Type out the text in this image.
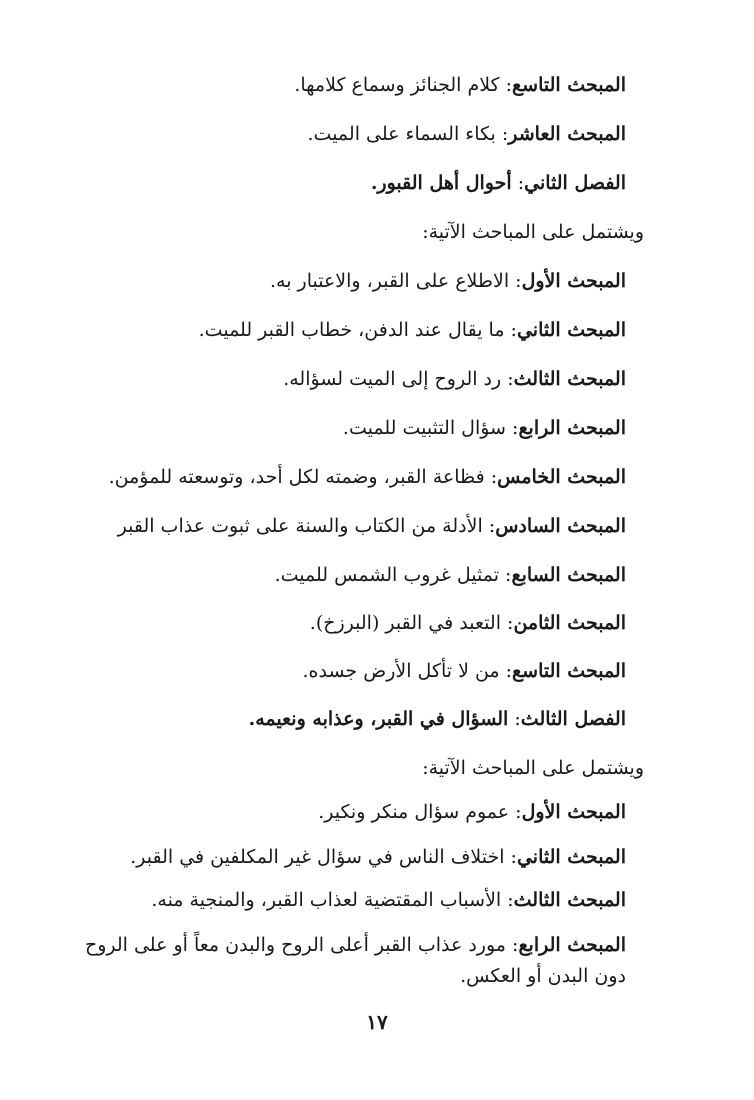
المبحث التاسع: كلام الجنائز وسماع كلامها.
المبحث العاشر: بكاء السماء على الميت.
الفصل الثاني: أحوال أهل القبور.
ويشتمل على المباحث الآتية:
المبحث الأول: الاطلاع على القبر، والاعتبار به.
المبحث الثاني: ما يقال عند الدفن، خطاب القبر للميت.
المبحث الثالث: رد الروح إلى الميت لسؤاله.
المبحث الرابع: سؤال التثبيت للميت.
المبحث الخامس: فظاعة القبر، وضمته لكل أحد، وتوسعته للمؤمن.
المبحث السادس: الأدلة من الكتاب والسنة على ثبوت عذاب القبر
المبحث السابع: تمثيل غروب الشمس للميت.
المبحث الثامن: التعبد في القبر (البرزخ).
المبحث التاسع: من لا تأكل الأرض جسده.
الفصل الثالث: السؤال في القبر، وعذابه ونعيمه.
ويشتمل على المباحث الآتية:
المبحث الأول: عموم سؤال منكر ونكير.
المبحث الثاني: اختلاف الناس في سؤال غير المكلفين في القبر.
المبحث الثالث: الأسباب المقتضية لعذاب القبر، والمنجية منه.
المبحث الرابع: مورد عذاب القبر أعلى الروح والبدن معاً أو على الروح دون البدن أو العكس.
١٧
